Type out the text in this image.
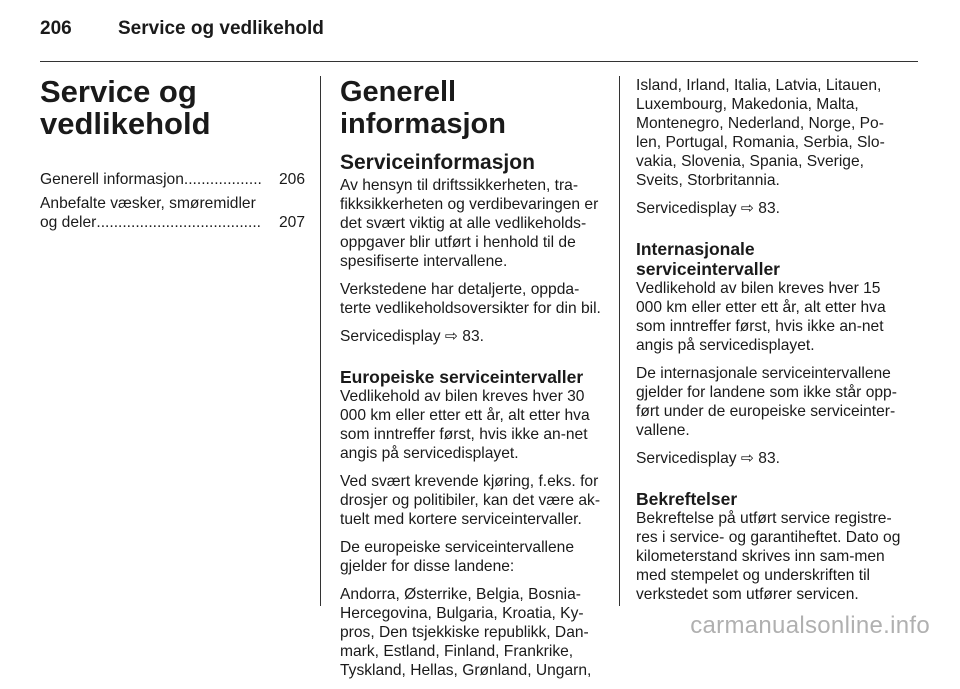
206 Service og vedlikehold
Service og vedlikehold
Generell informasjon ..................	206
Anbefalte væsker, smøremidler
og deler ......................................	207
Generell informasjon
Serviceinformasjon

Av hensyn til driftssikkerheten, tra-fikksikkerheten og verdibevaringen er det svært viktig at alle vedlikeholds-oppgaver blir utført i henhold til de spesifiserte intervallene.

Verkstedene har detaljerte, oppda-terte vedlikeholdsoversikter for din bil.

Servicedisplay ⇨ 83.

Europeiske serviceintervaller

Vedlikehold av bilen kreves hver 30 000 km eller etter ett år, alt etter hva som inntreffer først, hvis ikke an-net angis på servicedisplayet.

Ved svært krevende kjøring, f.eks. for drosjer og politibiler, kan det være ak-tuelt med kortere serviceintervaller.

De europeiske serviceintervallene gjelder for disse landene:

Andorra, Østerrike, Belgia, Bosnia-Hercegovina, Bulgaria, Kroatia, Ky-pros, Den tsjekkiske republikk, Dan-mark, Estland, Finland, Frankrike, Tyskland, Hellas, Grønland, Ungarn,

Island, Irland, Italia, Latvia, Litauen, Luxembourg, Makedonia, Malta, Montenegro, Nederland, Norge, Po-len, Portugal, Romania, Serbia, Slo-vakia, Slovenia, Spania, Sverige, Sveits, Storbritannia.

Servicedisplay ⇨ 83.

Internasjonale serviceintervaller

Vedlikehold av bilen kreves hver 15 000 km eller etter ett år, alt etter hva som inntreffer først, hvis ikke an-net angis på servicedisplayet.

De internasjonale serviceintervallene gjelder for landene som ikke står opp-ført under de europeiske serviceinter-vallene.

Servicedisplay ⇨ 83.

Bekreftelser

Bekreftelse på utført service registre-res i service- og garantiheftet. Dato og kilometerstand skrives inn sam-men med stempelet og underskriften til verkstedet som utfører servicen.

carmanualsonline.info
